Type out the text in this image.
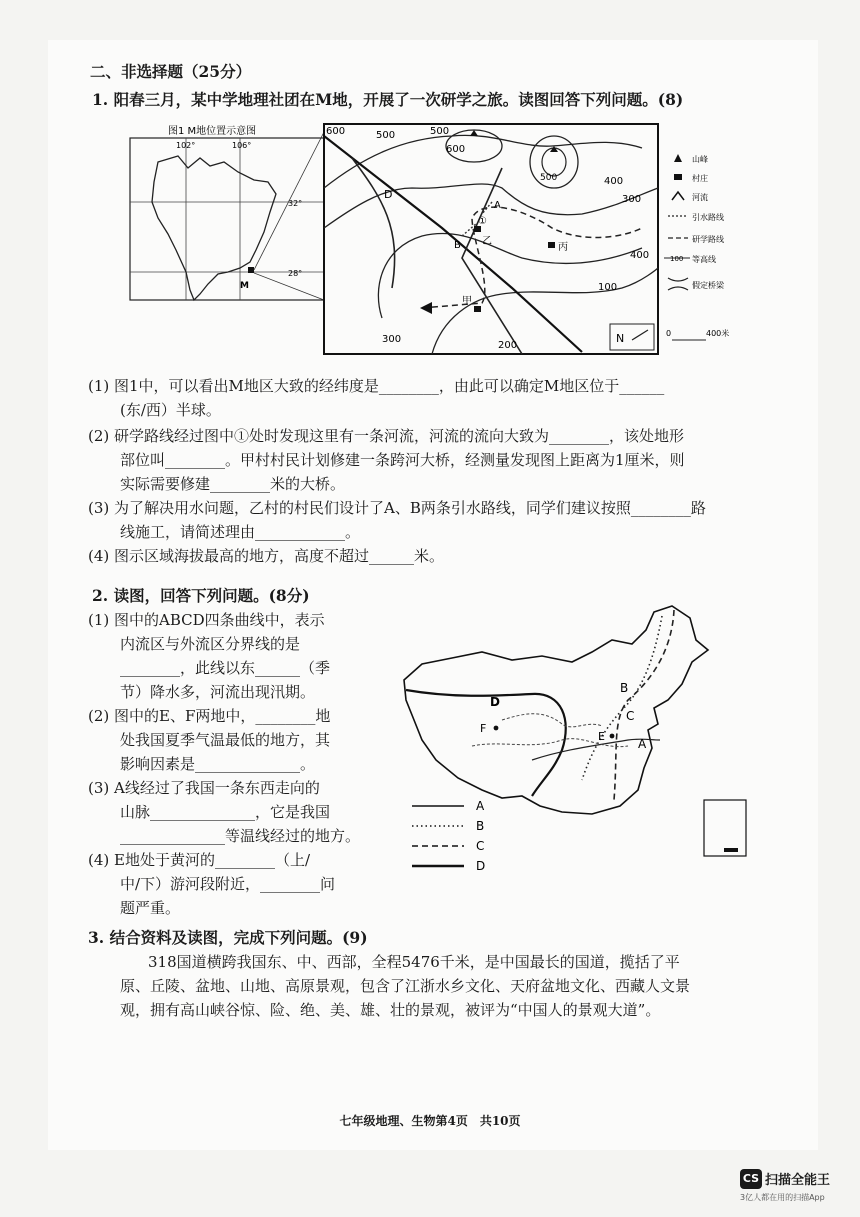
二、非选择题（25分）
1. 阳春三月，某中学地理社团在M地，开展了一次研学之旅。读图回答下列问题。(8)
图1 M地位置示意图
102°	106°
32°
28°
M
600	500	500
600
500	400
300
400
100
300
200
D
A
B 乙
丙
甲
①
N
山峰
村庄
河流
引水路线
研学路线
100 等高线
假定桥梁
0	400米
(1) 图1中，可以看出M地区大致的经纬度是________，由此可以确定M地区位于______
(东/西）半球。
(2) 研学路线经过图中①处时发现这里有一条河流，河流的流向大致为________，该处地形
部位叫________。甲村村民计划修建一条跨河大桥，经测量发现图上距离为1厘米，则
实际需要修建________米的大桥。
(3) 为了解决用水问题，乙村的村民们设计了A、B两条引水路线，同学们建议按照________路
线施工，请简述理由____________。
(4) 图示区域海拔最高的地方，高度不超过______米。
2. 读图，回答下列问题。(8分)
(1) 图中的ABCD四条曲线中，表示
内流区与外流区分界线的是
________，此线以东______（季
节）降水多，河流出现汛期。
(2) 图中的E、F两地中，________地
处我国夏季气温最低的地方，其
影响因素是______________。
(3) A线经过了我国一条东西走向的
山脉______________，它是我国
______________等温线经过的地方。
(4) E地处于黄河的________（上/
中/下）游河段附近，________问
题严重。
D
B
C
A
E
F
A
B
C
D
3. 结合资料及读图，完成下列问题。(9)
318国道横跨我国东、中、西部，全程5476千米，是中国最长的国道，揽括了平
原、丘陵、盆地、山地、高原景观，包含了江浙水乡文化、天府盆地文化、西藏人文景
观，拥有高山峡谷惊、险、绝、美、雄、壮的景观，被评为“中国人的景观大道”。
七年级地理、生物第4页　共10页
CS 扫描全能王
3亿人都在用的扫描App
